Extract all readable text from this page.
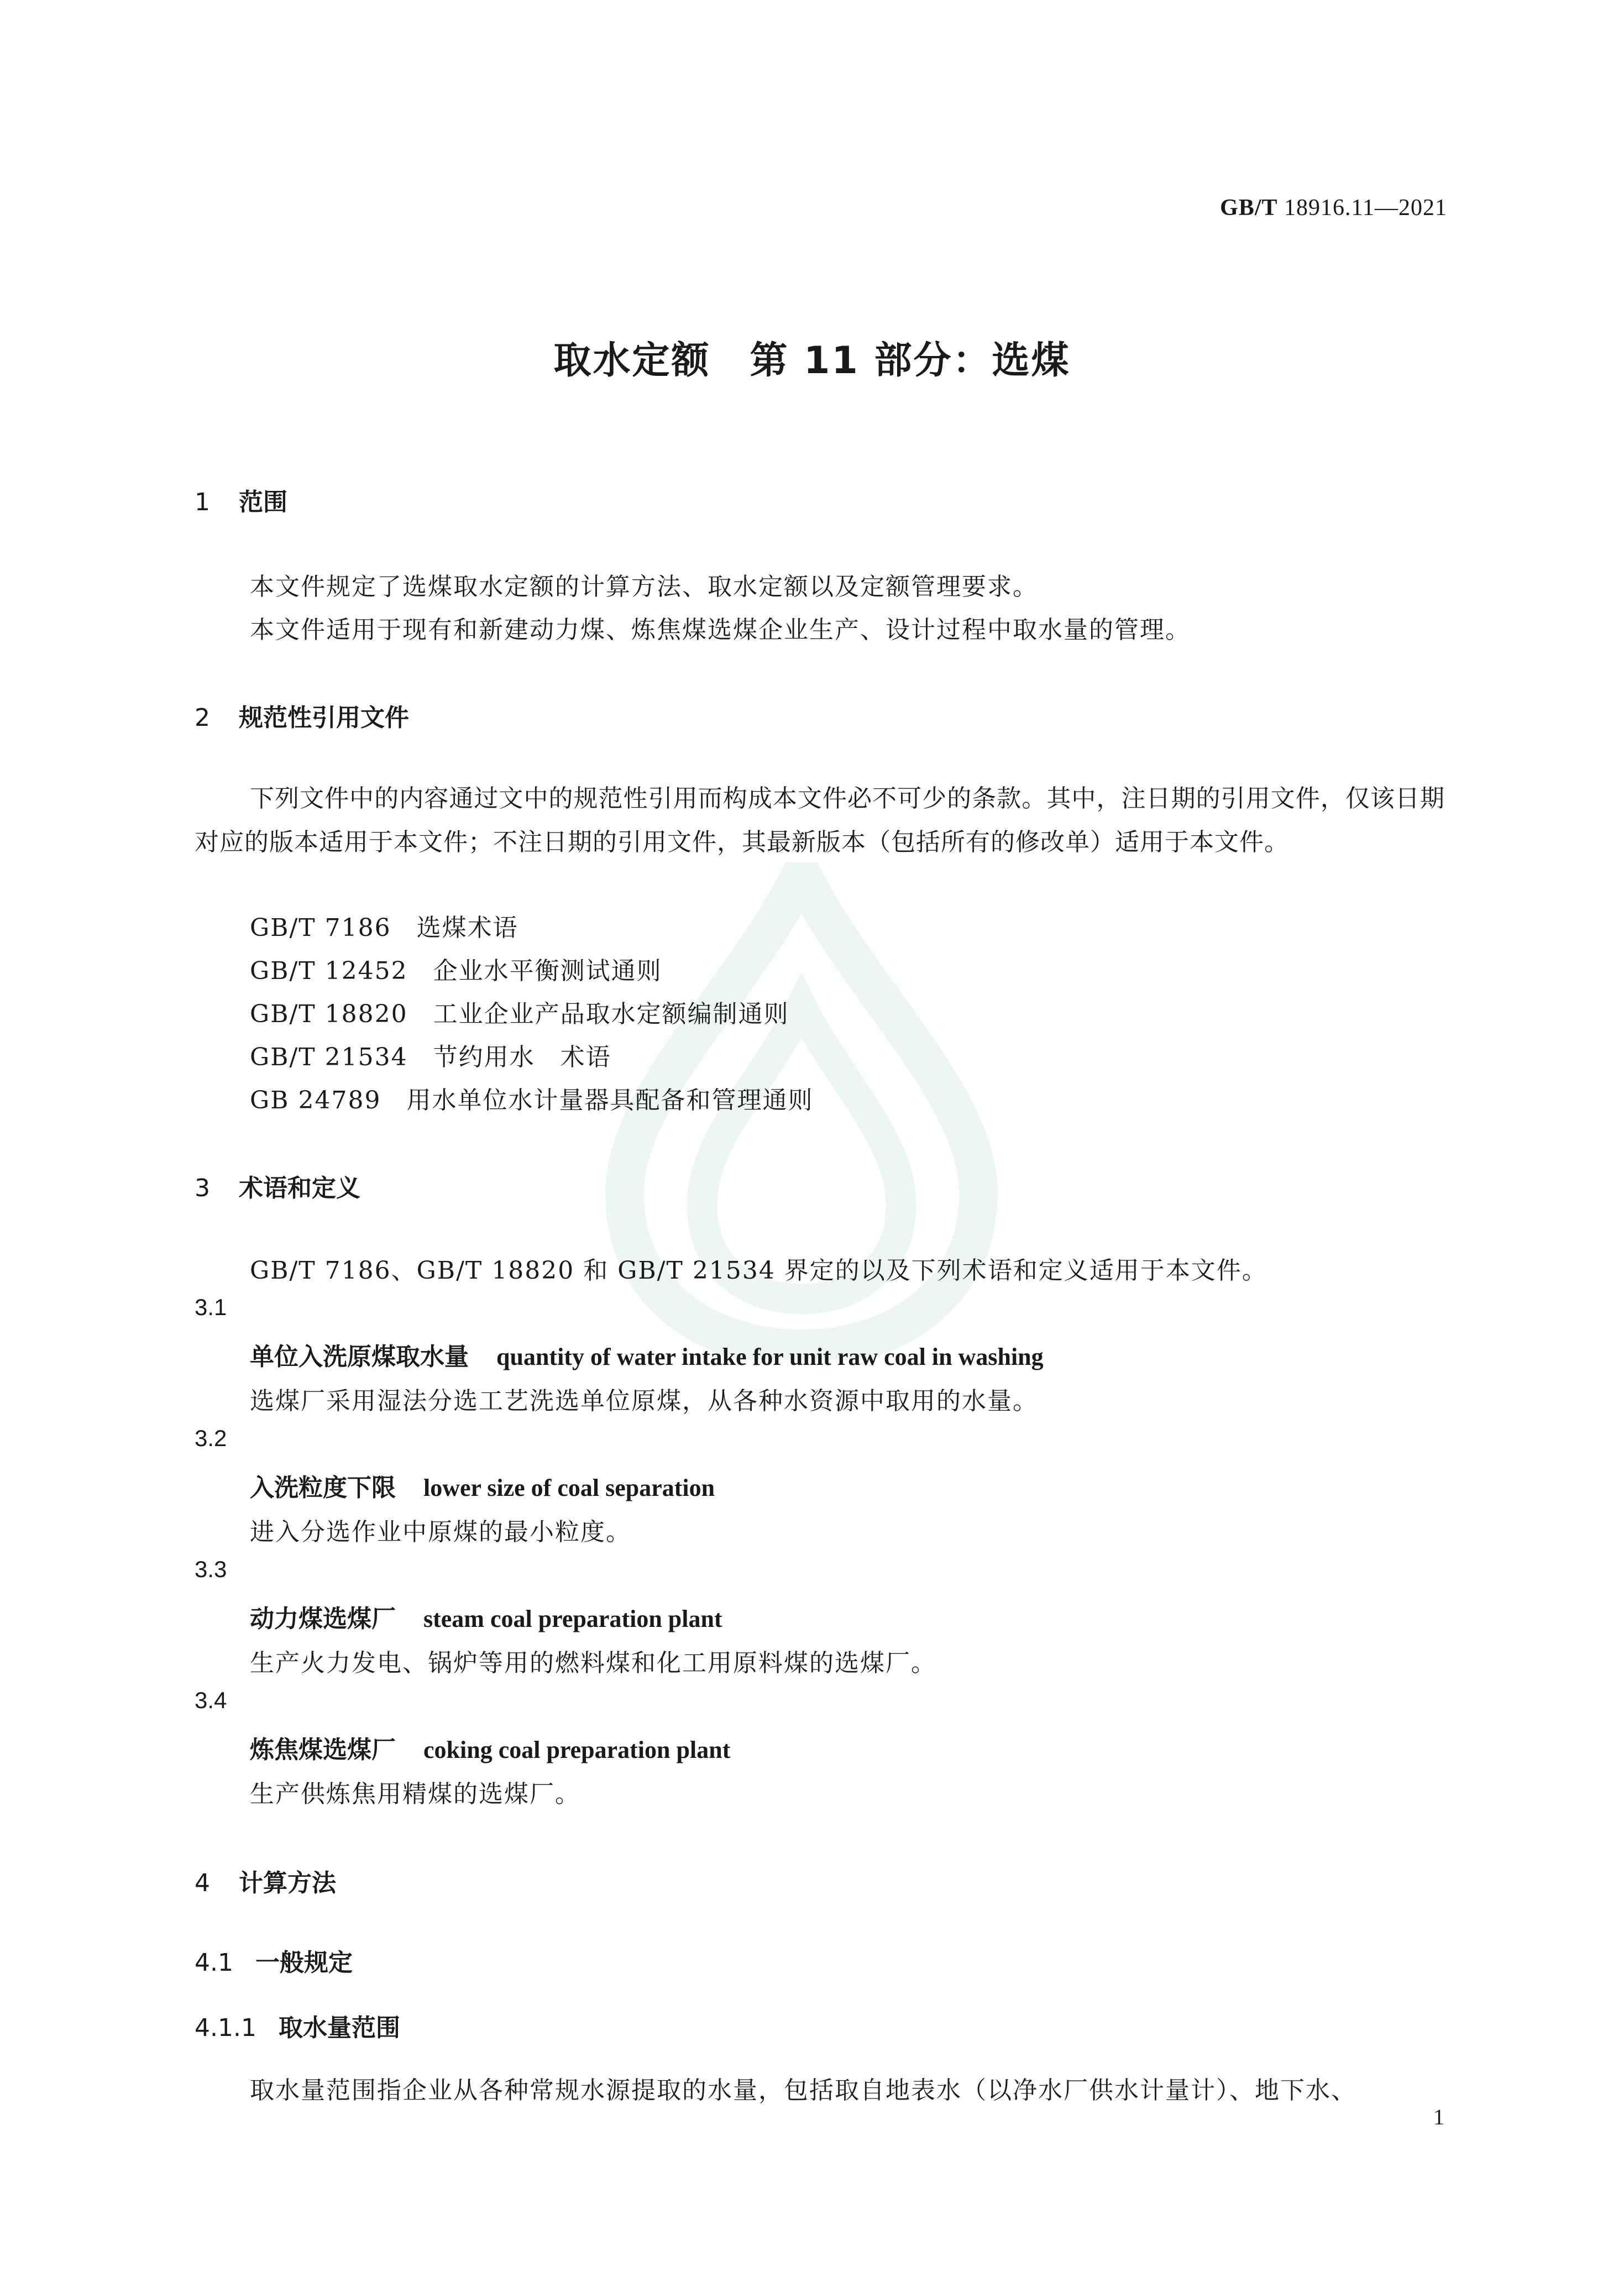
GB/T 18916.11—2021
取水定额　第 11 部分：选煤
1 范围
本文件规定了选煤取水定额的计算方法、取水定额以及定额管理要求。
本文件适用于现有和新建动力煤、炼焦煤选煤企业生产、设计过程中取水量的管理。
2 规范性引用文件
下列文件中的内容通过文中的规范性引用而构成本文件必不可少的条款。其中，注日期的引用文件，仅该日期对应的版本适用于本文件；不注日期的引用文件，其最新版本（包括所有的修改单）适用于本文件。
GB/T 7186　 选煤术语
GB/T 12452　 企业水平衡测试通则
GB/T 18820　 工业企业产品取水定额编制通则
GB/T 21534　 节约用水　术语
GB 24789　 用水单位水计量器具配备和管理通则
3 术语和定义
GB/T 7186、GB/T 18820 和 GB/T 21534 界定的以及下列术语和定义适用于本文件。
3.1
单位入洗原煤取水量 quantity of water intake for unit raw coal in washing
选煤厂采用湿法分选工艺洗选单位原煤，从各种水资源中取用的水量。
3.2
入洗粒度下限 lower size of coal separation
进入分选作业中原煤的最小粒度。
3.3
动力煤选煤厂 steam coal preparation plant
生产火力发电、锅炉等用的燃料煤和化工用原料煤的选煤厂。
3.4
炼焦煤选煤厂 coking coal preparation plant
生产供炼焦用精煤的选煤厂。
4 计算方法
4.1 一般规定
4.1.1 取水量范围
取水量范围指企业从各种常规水源提取的水量，包括取自地表水（以净水厂供水计量计）、地下水、
1
